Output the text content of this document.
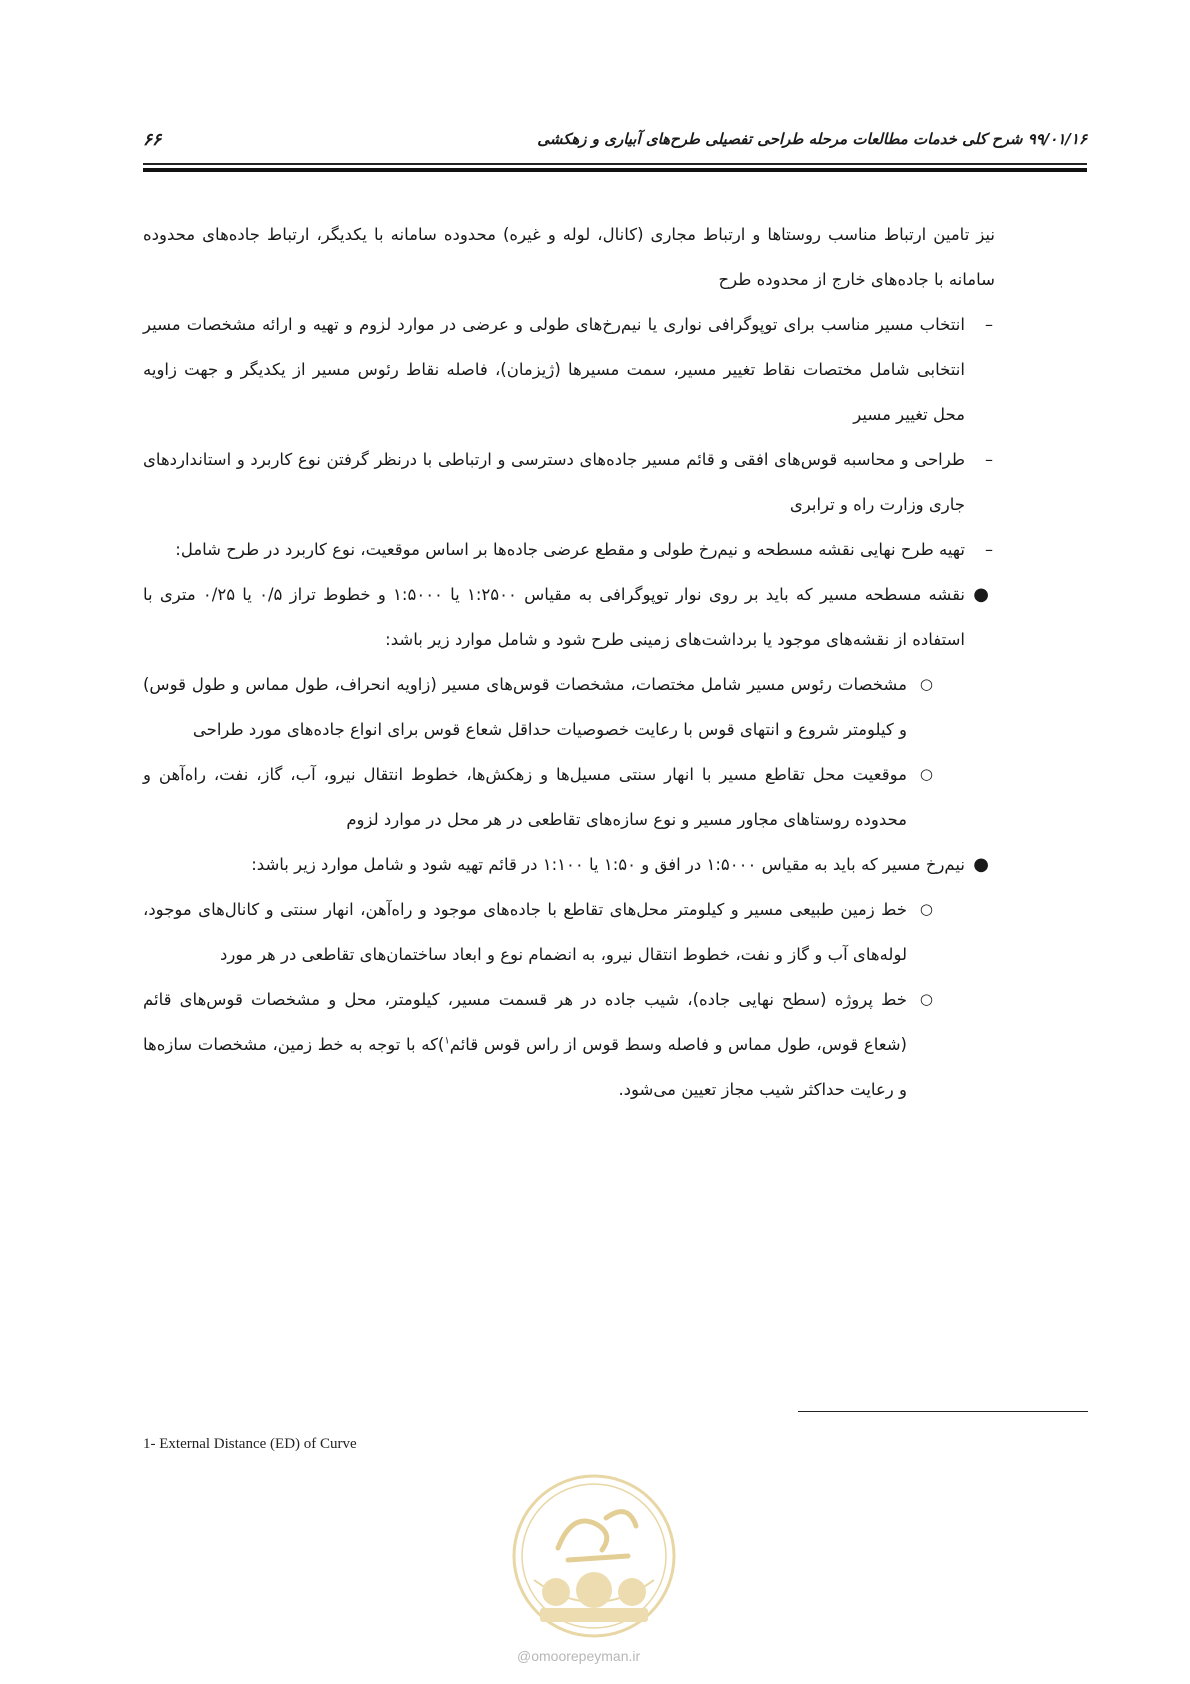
۶۶	۹۹/۰۱/۱۶ شرح کلی خدمات مطالعات مرحله طراحی تفصیلی طرح‌های آبیاری و زهکشی

نیز تامین ارتباط مناسب روستاها و ارتباط مجاری (کانال، لوله و غیره) محدوده سامانه با یکدیگر، ارتباط جاده‌های محدوده سامانه با جاده‌های خارج از محدوده طرح

–
انتخاب مسیر مناسب برای توپوگرافی نواری یا نیم‌رخ‌های طولی و عرضی در موارد لزوم و تهیه و ارائه مشخصات مسیر انتخابی شامل مختصات نقاط تغییر مسیر، سمت مسیرها (ژیزمان)، فاصله نقاط رئوس مسیر از یکدیگر و جهت زاویه محل تغییر مسیر
–
طراحی و محاسبه قوس‌های افقی و قائم مسیر جاده‌های دسترسی و ارتباطی با درنظر گرفتن نوع کاربرد و استانداردهای جاری وزارت راه و ترابری
–
تهیه طرح نهایی نقشه مسطحه و نیم‌رخ طولی و مقطع عرضی جاده‌ها بر اساس موقعیت، نوع کاربرد در طرح شامل:
●
نقشه مسطحه مسیر که باید بر روی نوار توپوگرافی به مقیاس ۱:۲۵۰۰ یا ۱:۵۰۰۰ و خطوط تراز ۰/۵ یا ۰/۲۵ متری با استفاده از نقشه‌های موجود یا برداشت‌های زمینی طرح شود و شامل موارد زیر باشد:
○
مشخصات رئوس مسیر شامل مختصات، مشخصات قوس‌های مسیر (زاویه انحراف، طول مماس و طول قوس) و کیلومتر شروع و انتهای قوس با رعایت خصوصیات حداقل شعاع قوس برای انواع جاده‌های مورد طراحی
○
موقعیت محل تقاطع مسیر با انهار سنتی مسیل‌ها و زهکش‌ها، خطوط انتقال نیرو، آب، گاز، نفت، راه‌آهن و محدوده روستاهای مجاور مسیر و نوع سازه‌های تقاطعی در هر محل در موارد لزوم
●
نیم‌رخ مسیر که باید به مقیاس ۱:۵۰۰۰ در افق و ۱:۵۰ یا ۱:۱۰۰ در قائم تهیه شود و شامل موارد زیر باشد:
○
خط زمین طبیعی مسیر و کیلومتر محل‌های تقاطع با جاده‌های موجود و راه‌آهن، انهار سنتی و کانال‌های موجود، لوله‌های آب و گاز و نفت، خطوط انتقال نیرو، به انضمام نوع و ابعاد ساختمان‌های تقاطعی در هر مورد
○
خط پروژه (سطح نهایی جاده)، شیب جاده در هر قسمت مسیر، کیلومتر، محل و مشخصات قوس‌های قائم (شعاع قوس، طول مماس و فاصله وسط قوس از راس قوس قائم$^۱$)که با توجه به خط زمین، مشخصات سازه‌ها و رعایت حداکثر شیب مجاز تعیین می‌شود.
1- External Distance (ED) of Curve
@omoorepeyman.ir
